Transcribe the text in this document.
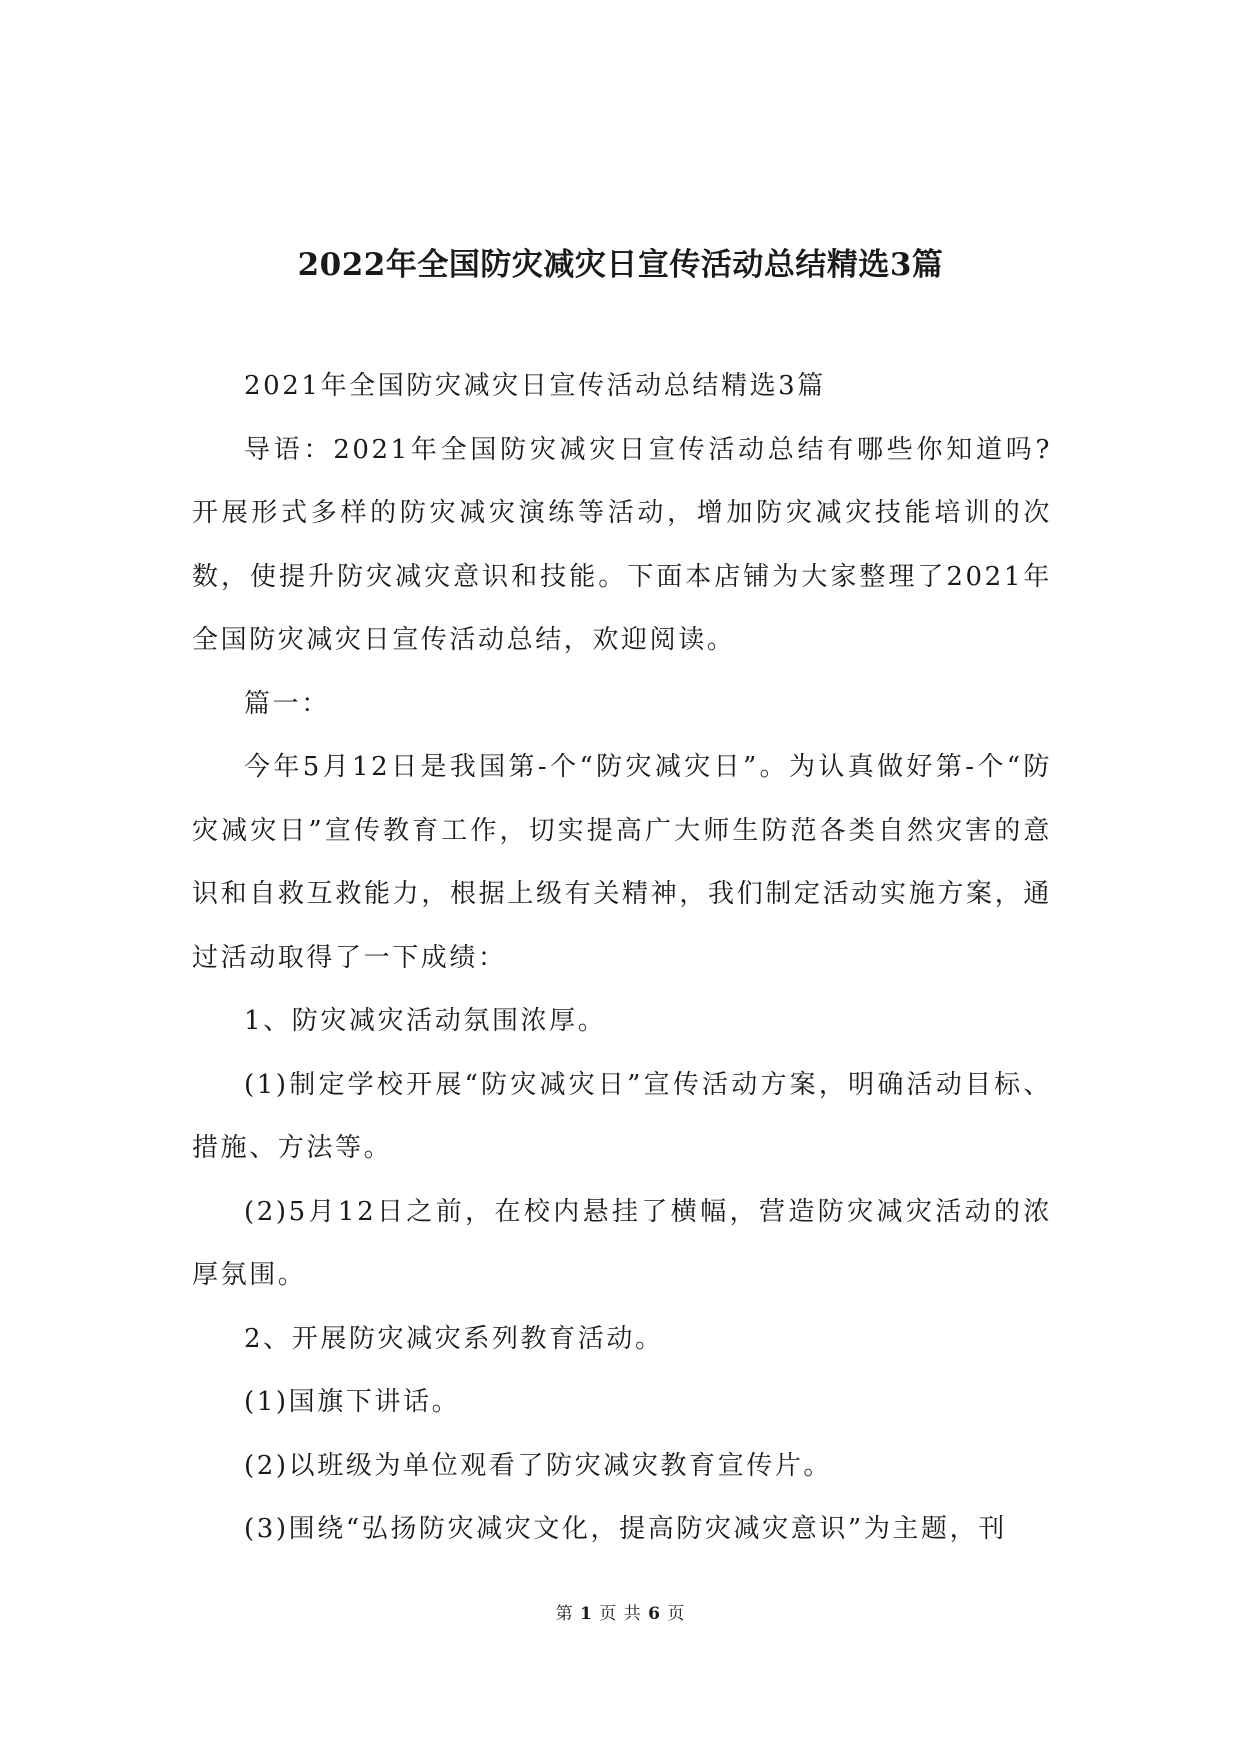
2022年全国防灾减灾日宣传活动总结精选3篇

2021年全国防灾减灾日宣传活动总结精选3篇

导语：2021年全国防灾减灾日宣传活动总结有哪些你知道吗?开展形式多样的防灾减灾演练等活动，增加防灾减灾技能培训的次数，使提升防灾减灾意识和技能。下面本店铺为大家整理了2021年全国防灾减灾日宣传活动总结，欢迎阅读。

篇一：

今年5月12日是我国第-个“防灾减灾日”。为认真做好第-个“防灾减灾日”宣传教育工作，切实提高广大师生防范各类自然灾害的意识和自救互救能力，根据上级有关精神，我们制定活动实施方案，通过活动取得了一下成绩：

1、防灾减灾活动氛围浓厚。

(1)制定学校开展“防灾减灾日”宣传活动方案，明确活动目标、措施、方法等。

(2)5月12日之前，在校内悬挂了横幅，营造防灾减灾活动的浓厚氛围。

2、开展防灾减灾系列教育活动。

(1)国旗下讲话。

(2)以班级为单位观看了防灾减灾教育宣传片。

(3)围绕“弘扬防灾减灾文化，提高防灾减灾意识”为主题，刊

第 1 页 共 6 页
